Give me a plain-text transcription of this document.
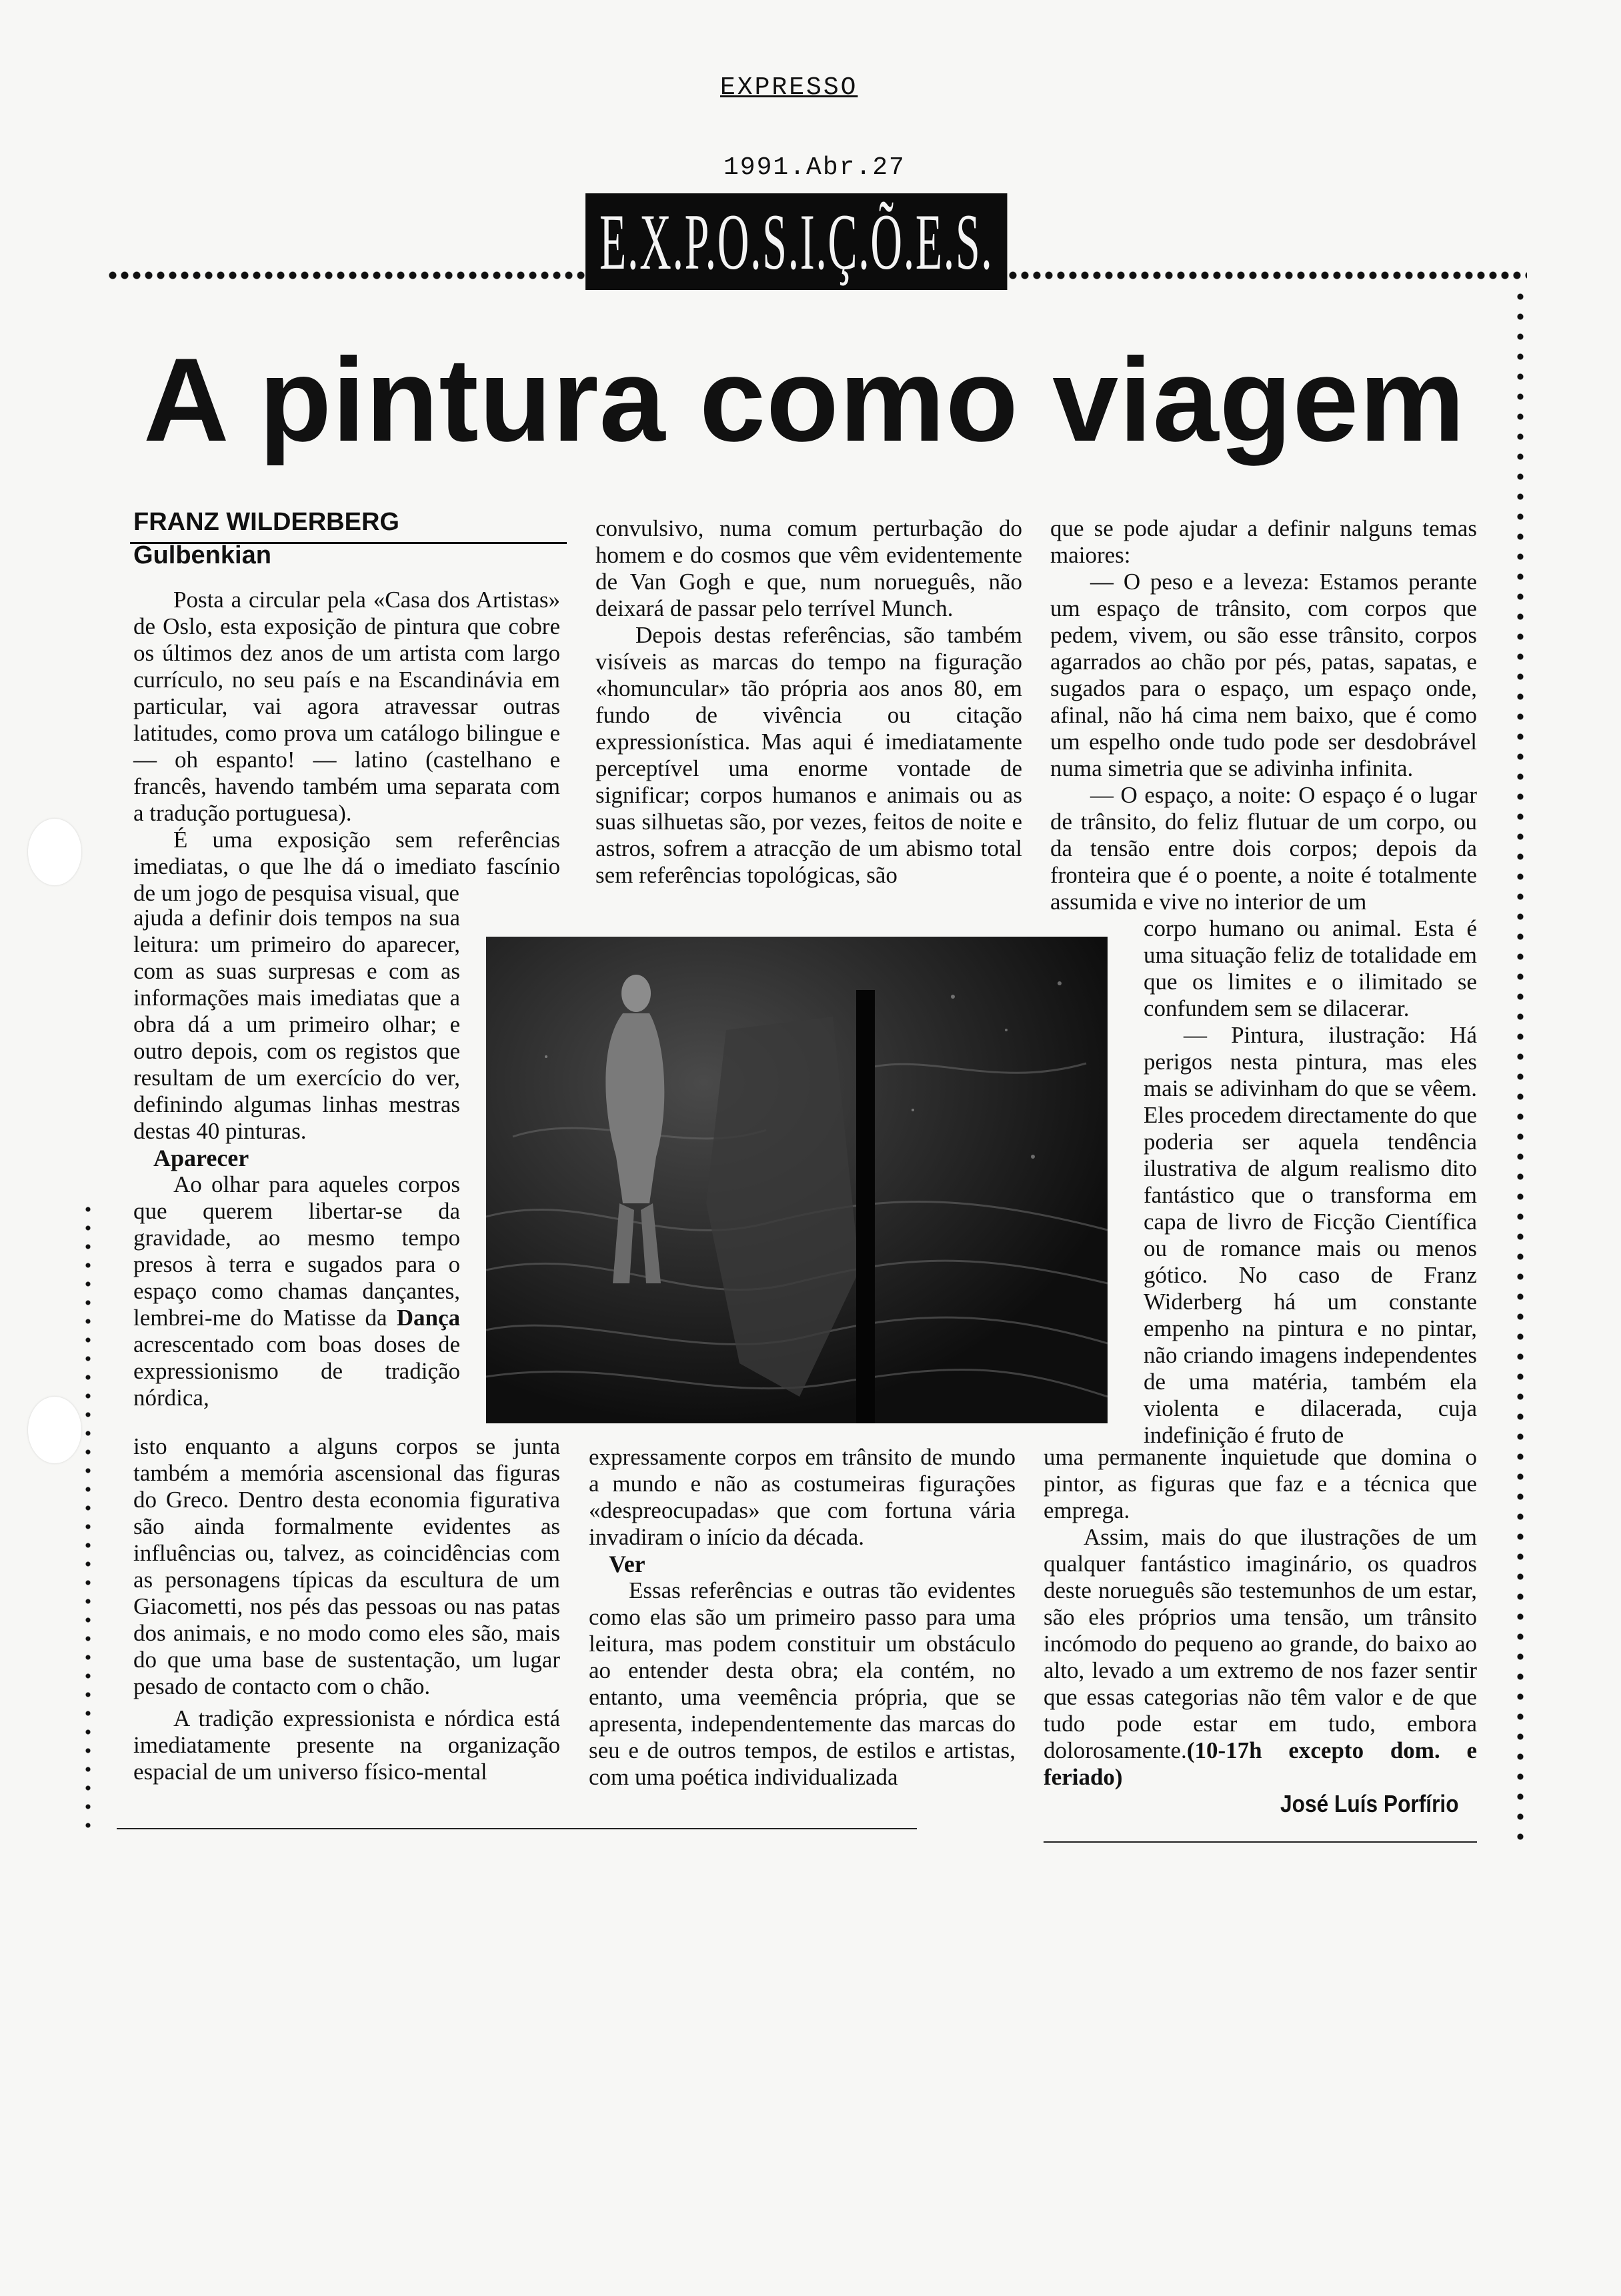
EXPRESSO
1991.Abr.27
E.X.P.O.S.I.Ç.Õ.E.S.
A pintura como viagem
FRANZ WILDERBERG
Gulbenkian

Posta a circular pela «Casa dos Artistas» de Oslo, esta exposição de pintura que cobre os últimos dez anos de um artista com largo currículo, no seu país e na Escandinávia em particular, vai agora atravessar outras latitudes, como prova um catálogo bilingue e — oh espanto! — latino (castelhano e francês, havendo também uma separata com a tradução portuguesa).

É uma exposição sem referências imediatas, o que lhe dá o imediato fascínio de um jogo de pesquisa visual, que

ajuda a definir dois tempos na sua leitura: um primeiro do aparecer, com as suas surpresas e com as informações mais imediatas que a obra dá a um primeiro olhar; e outro depois, com os registos que resultam de um exercício do ver, definindo algumas linhas mestras destas 40 pinturas.

Aparecer

Ao olhar para aqueles corpos que querem libertar-se da gravidade, ao mesmo tempo presos à terra e sugados para o espaço como chamas dançantes, lembrei-me do Matisse da Dança acrescentado com boas doses de expressionismo de tradição nórdica,

isto enquanto a alguns corpos se junta também a memória ascensional das figuras do Greco. Dentro desta economia figurativa são ainda formalmente evidentes as influências ou, talvez, as coincidências com as personagens típicas da escultura de um Giacometti, nos pés das pessoas ou nas patas dos animais, e no modo como eles são, mais do que uma base de sustentação, um lugar pesado de contacto com o chão.

A tradição expressionista e nórdica está imediatamente presente na organização espacial de um universo físico-mental

convulsivo, numa comum perturbação do homem e do cosmos que vêm evidentemente de Van Gogh e que, num norueguês, não deixará de passar pelo terrível Munch.

Depois destas referências, são também visíveis as marcas do tempo na figuração «homuncular» tão própria aos anos 80, em fundo de vivência ou citação expressionística. Mas aqui é imediatamente perceptível uma enorme vontade de significar; corpos humanos e animais ou as suas silhuetas são, por vezes, feitos de noite e astros, sofrem a atracção de um abismo total sem referências topológicas, são

expressamente corpos em trânsito de mundo a mundo e não as costumeiras figurações «despreocupadas» que com fortuna vária invadiram o início da década.

Ver

Essas referências e outras tão evidentes como elas são um primeiro passo para uma leitura, mas podem constituir um obstáculo ao entender desta obra; ela contém, no entanto, uma veemência própria, que se apresenta, independentemente das marcas do seu e de outros tempos, de estilos e artistas, com uma poética individualizada

que se pode ajudar a definir nalguns temas maiores:

— O peso e a leveza: Estamos perante um espaço de trânsito, com corpos que pedem, vivem, ou são esse trânsito, corpos agarrados ao chão por pés, patas, sapatas, e sugados para o espaço, um espaço onde, afinal, não há cima nem baixo, que é como um espelho onde tudo pode ser desdobrável numa simetria que se adivinha infinita.

— O espaço, a noite: O espaço é o lugar de trânsito, do feliz flutuar de um corpo, ou da tensão entre dois corpos; depois da fronteira que é o poente, a noite é totalmente assumida e vive no interior de um

corpo humano ou animal. Esta é uma situação feliz de totalidade em que os limites e o ilimitado se confundem sem se dilacerar.

— Pintura, ilustração: Há perigos nesta pintura, mas eles mais se adivinham do que se vêem. Eles procedem directamente do que poderia ser aquela tendência ilustrativa de algum realismo dito fantástico que o transforma em capa de livro de Ficção Científica ou de romance mais ou menos gótico. No caso de Franz Widerberg há um constante empenho na pintura e no pintar, não criando imagens independentes de uma matéria, também ela violenta e dilacerada, cuja indefinição é fruto de

uma permanente inquietude que domina o pintor, as figuras que faz e a técnica que emprega.

Assim, mais do que ilustrações de um qualquer fantástico imaginário, os quadros deste norueguês são testemunhos de um estar, são eles próprios uma tensão, um trânsito incómodo do pequeno ao grande, do baixo ao alto, levado a um extremo de nos fazer sentir que essas categorias não têm valor e de que tudo pode estar em tudo, embora dolorosamente.(10-17h excepto dom. e feriado)

José Luís Porfírio
